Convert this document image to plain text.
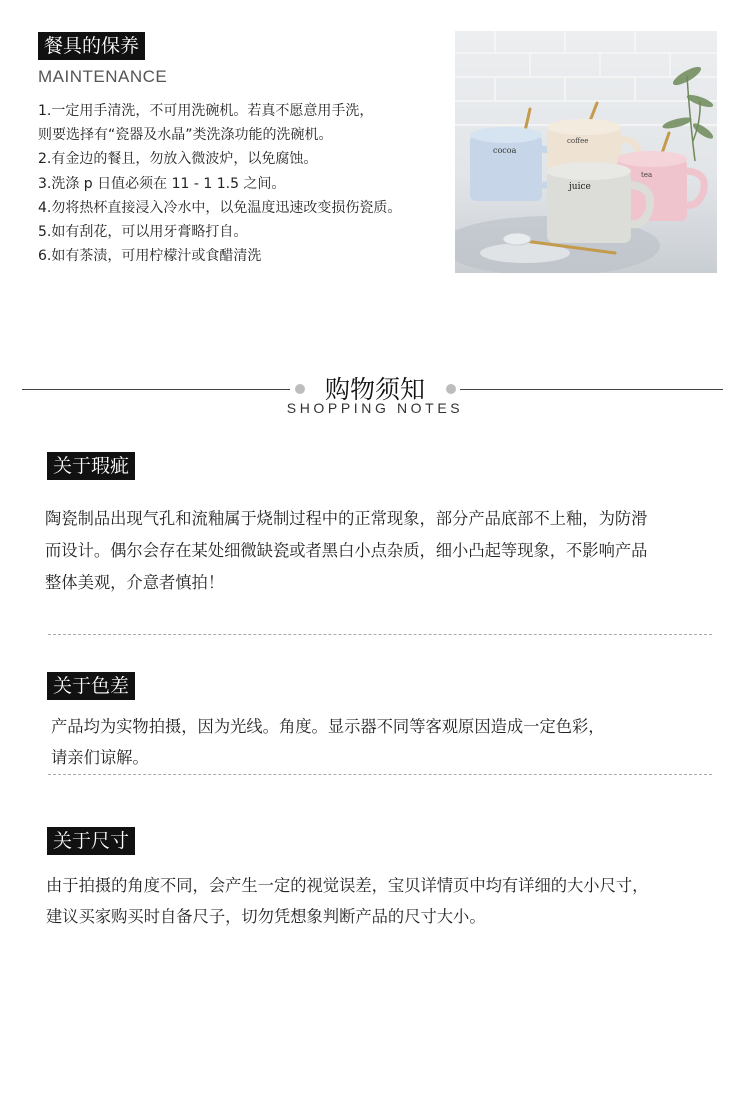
餐具的保养
MAINTENANCE
1.一定用手清洗，不可用洗碗机。若真不愿意用手洗，
则要选择有“瓷器及水晶”类洗涤功能的洗碗机。
2.有金边的餐且，勿放入微波炉，以免腐蚀。
3.洗涤 p 日值必须在 11 - 1 1.5 之间。
4.勿将热杯直接浸入冷水中，以免温度迅速改变损伤瓷质。
5.如有刮花，可以用牙膏略打自。
6.如有茶渍，可用柠檬汁或食醋清洗
cocoa
coffee
tea
juice
购物须知
SHOPPING NOTES
关于瑕疵

陶瓷制品出现气孔和流釉属于烧制过程中的正常现象，部分产品底部不上釉，为防滑

而设计。偶尔会存在某处细微缺瓷或者黑白小点杂质，细小凸起等现象，不影响产品

整体美观，介意者慎拍！

关于色差

产品均为实物拍摄，因为光线。角度。显示器不同等客观原因造成一定色彩，

请亲们谅解。

关于尺寸

由于拍摄的角度不同，会产生一定的视觉误差，宝贝详情页中均有详细的大小尺寸，

建议买家购买时自备尺子，切勿凭想象判断产品的尺寸大小。
